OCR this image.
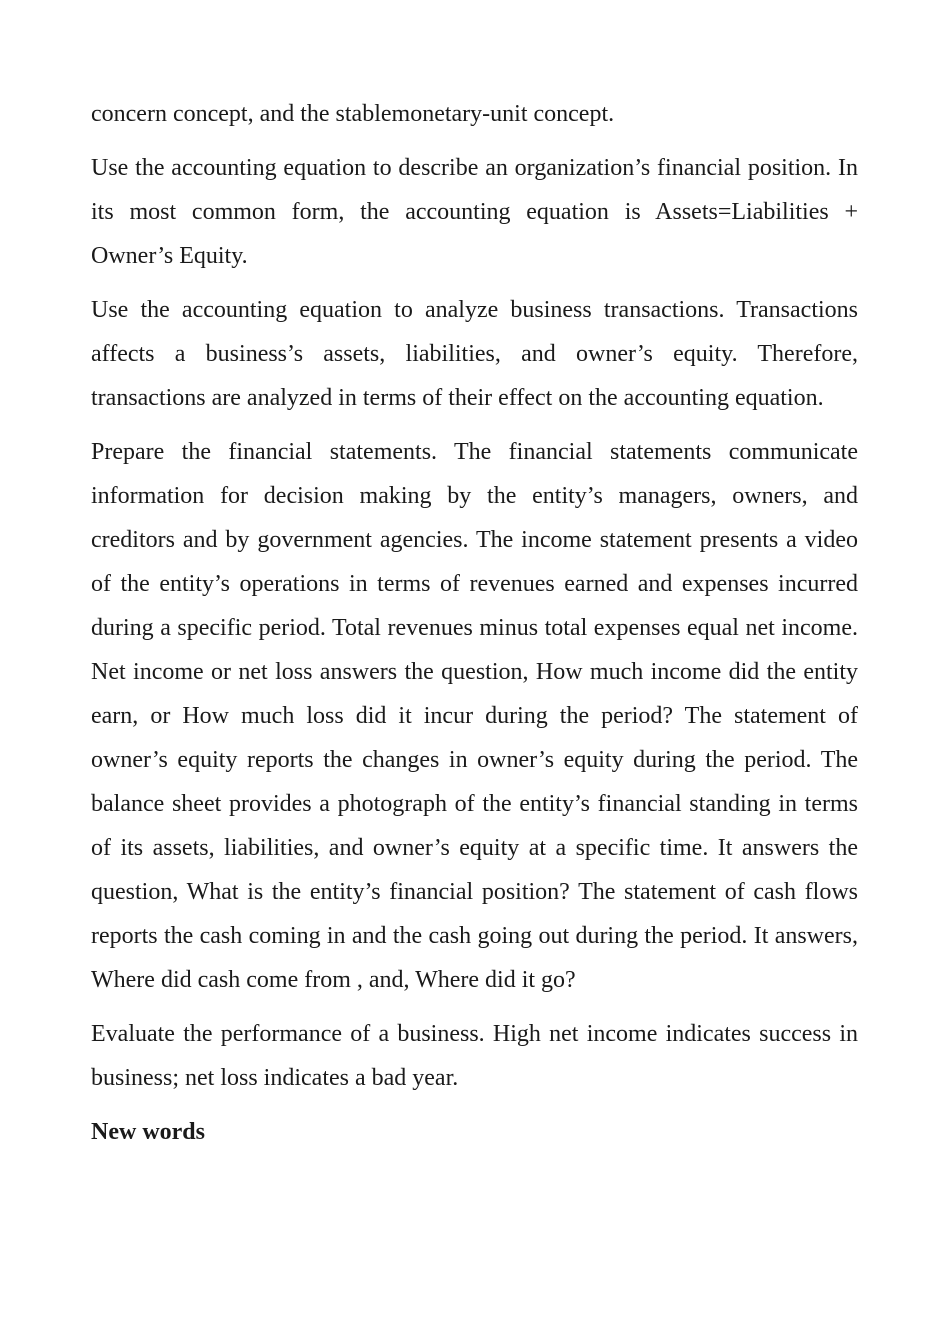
concern concept, and the stablemonetary-unit concept.

Use the accounting equation to describe an organization’s financial position. In its most common form, the accounting equation is Assets=Liabilities + Owner’s Equity.

Use the accounting equation to analyze business transactions. Transactions affects a business’s assets, liabilities, and owner’s equity. Therefore, transactions are analyzed in terms of their effect on the accounting equation.

Prepare the financial statements. The financial statements communicate information for decision making by the entity’s managers, owners, and creditors and by government agencies. The income statement presents a video of the entity’s operations in terms of revenues earned and expenses incurred during a specific period. Total revenues minus total expenses equal net income. Net income or net loss answers the question, How much income did the entity earn, or How much loss did it incur during the period? The statement of owner’s equity reports the changes in owner’s equity during the period. The balance sheet provides a photograph of the entity’s financial standing in terms of its assets, liabilities, and owner’s equity at a specific time. It answers the question, What is the entity’s financial position? The statement of cash flows reports the cash coming in and the cash going out during the period. It answers, Where did cash come from , and, Where did it go?

Evaluate the performance of a business. High net income indicates success in business; net loss indicates a bad year.

New words
